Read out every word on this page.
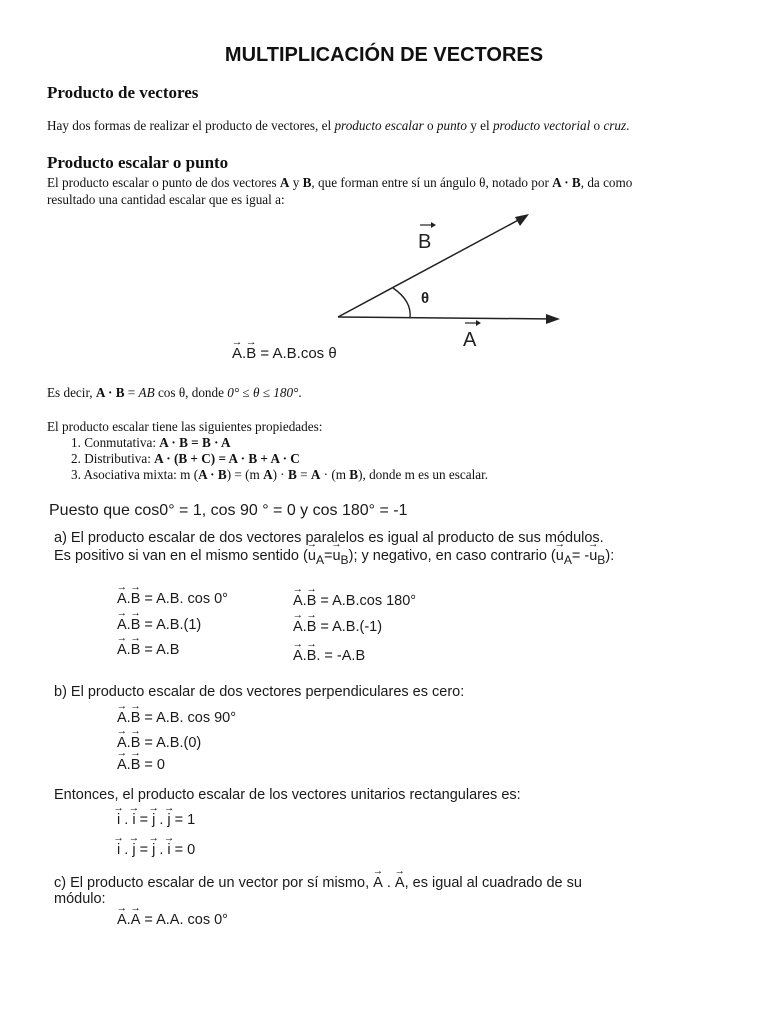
MULTIPLICACIÓN DE VECTORES
Producto de vectores
Hay dos formas de realizar el producto de vectores, el producto escalar o punto y el producto vectorial o cruz.
Producto escalar o punto
El producto escalar o punto de dos vectores A y B, que forman entre sí un ángulo θ, notado por A · B, da como
resultado una cantidad escalar que es igual a:
θ
B
A
→ A.→ B = A.B.cos θ
Es decir, A · B = AB cos θ, donde 0° ≤ θ ≤ 180°.
El producto escalar tiene las siguientes propiedades:
1. Conmutativa: A · B = B · A
2. Distributiva: A · (B + C) = A · B + A · C
3. Asociativa mixta: m (A · B) = (m A) · B = A · (m B), donde m es un escalar.
Puesto que cos0° = 1, cos 90 ° = 0 y cos 180° = -1
a) El producto escalar de dos vectores paralelos es igual al producto de sus módulos.
Es positivo si van en el mismo sentido (→ $u_A=\to u_B$); y negativo, en caso contrario (→ $u_A= -\to u_B$):
→ A.→ B = A.B. cos 0°
→ A.→ B = A.B.(1)
→ A.→ B = A.B
→ A.→ B = A.B.cos 180°
→ A.→ B = A.B.(-1)
→ A.→ B. = -A.B
b) El producto escalar de dos vectores perpendiculares es cero:
→ A.→ B = A.B. cos 90°
→ A.→ B = A.B.(0)
→ A.→ B = 0
Entonces, el producto escalar de los vectores unitarios rectangulares es:
→ i . → i = → j . → j = 1
→ i . → j = → j . → i = 0
c) El producto escalar de un vector por sí mismo, → A . → A, es igual al cuadrado de su
módulo:
→ A.→ A = A.A. cos 0°
